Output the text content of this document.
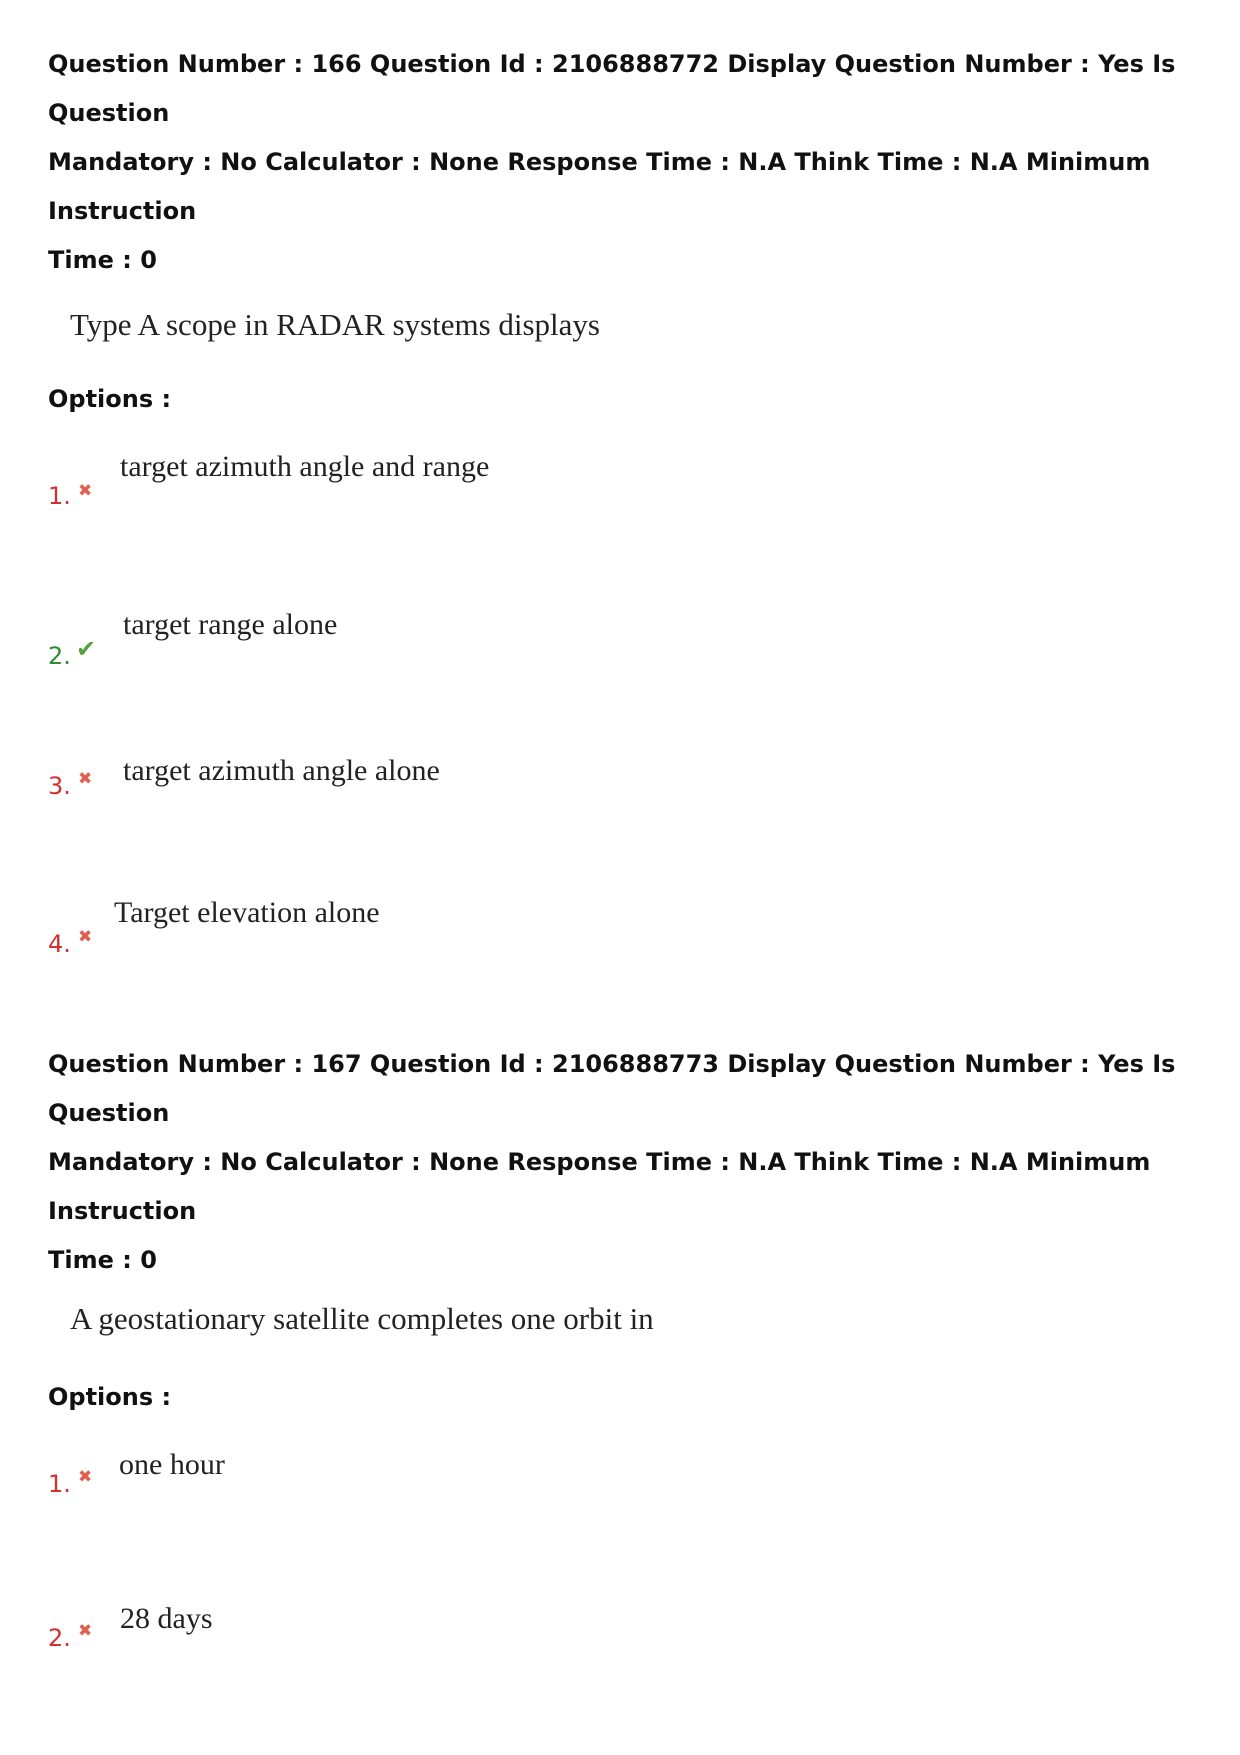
Question Number : 166 Question Id : 2106888772 Display Question Number : Yes Is Question

Mandatory : No Calculator : None Response Time : N.A Think Time : N.A Minimum Instruction

Time : 0

Type A scope in RADAR systems displays
Options :
target azimuth angle and range
1. ✖
target range alone
2. ✔
target azimuth angle alone
3. ✖
Target elevation alone
4. ✖

Question Number : 167 Question Id : 2106888773 Display Question Number : Yes Is Question

Mandatory : No Calculator : None Response Time : N.A Think Time : N.A Minimum Instruction

Time : 0

A geostationary satellite completes one orbit in
Options :
one hour
1. ✖
28 days
2. ✖
